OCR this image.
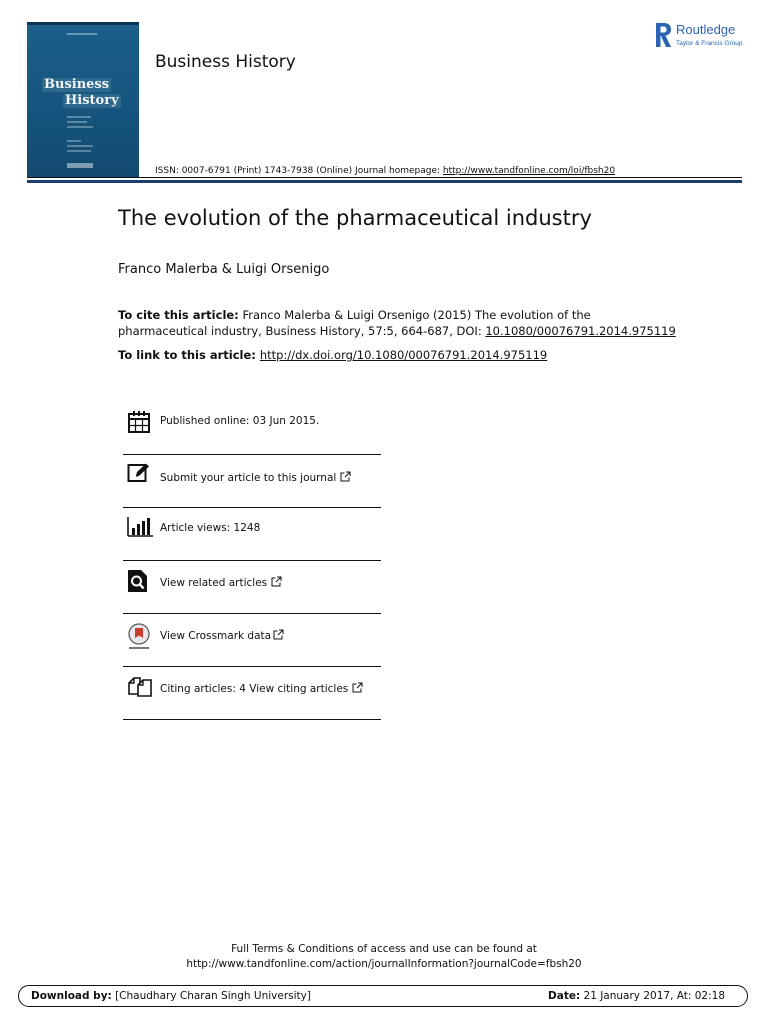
Business
History
Business History
ISSN: 0007-6791 (Print) 1743-7938 (Online) Journal homepage: http://www.tandfonline.com/loi/fbsh20
Routledge
Taylor & Francis Group
The evolution of the pharmaceutical industry
Franco Malerba & Luigi Orsenigo
To cite this article: Franco Malerba & Luigi Orsenigo (2015) The evolution of the pharmaceutical industry, Business History, 57:5, 664-687, DOI: 10.1080/00076791.2014.975119
To link to this article: http://dx.doi.org/10.1080/00076791.2014.975119
Published online: 03 Jun 2015.
Submit your article to this journal
Article views: 1248
View related articles
View Crossmark data
Citing articles: 4 View citing articles
Full Terms & Conditions of access and use can be found at
http://www.tandfonline.com/action/journalInformation?journalCode=fbsh20
Download by: [Chaudhary Charan Singh University]	Date: 21 January 2017, At: 02:18
